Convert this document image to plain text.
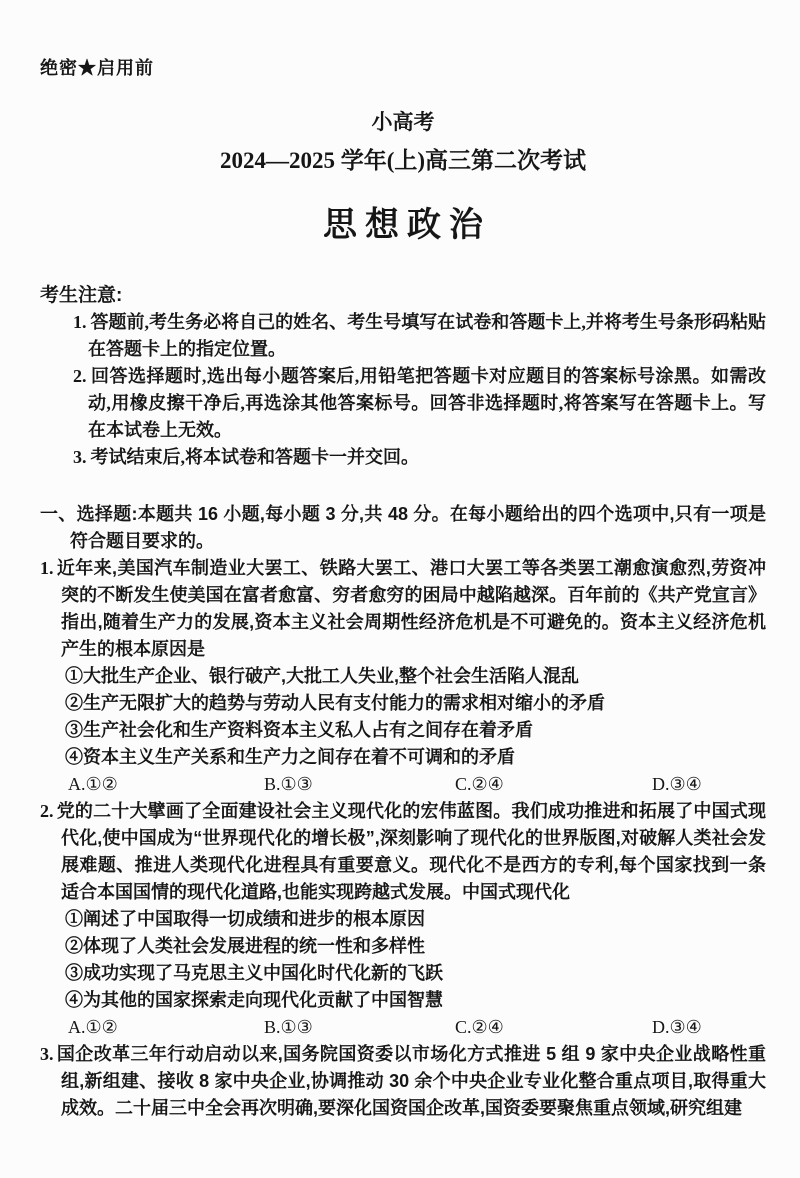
绝密★启用前
小高考
2024—2025 学年(上)高三第二次考试
思想政治
考生注意:
1. 答题前,考生务必将自己的姓名、考生号填写在试卷和答题卡上,并将考生号条形码粘贴在答题卡上的指定位置。
2. 回答选择题时,选出每小题答案后,用铅笔把答题卡对应题目的答案标号涂黑。如需改动,用橡皮擦干净后,再选涂其他答案标号。回答非选择题时,将答案写在答题卡上。写在本试卷上无效。
3. 考试结束后,将本试卷和答题卡一并交回。

一、选择题:本题共 16 小题,每小题 3 分,共 48 分。在每小题给出的四个选项中,只有一项是符合题目要求的。

1. 近年来,美国汽车制造业大罢工、铁路大罢工、港口大罢工等各类罢工潮愈演愈烈,劳资冲突的不断发生使美国在富者愈富、穷者愈穷的困局中越陷越深。百年前的《共产党宣言》指出,随着生产力的发展,资本主义社会周期性经济危机是不可避免的。资本主义经济危机产生的根本原因是

①大批生产企业、银行破产,大批工人失业,整个社会生活陷人混乱
②生产无限扩大的趋势与劳动人民有支付能力的需求相对缩小的矛盾
③生产社会化和生产资料资本主义私人占有之间存在着矛盾
④资本主义生产关系和生产力之间存在着不可调和的矛盾
A.①②	B.①③	C.②④	D.③④

2. 党的二十大擘画了全面建设社会主义现代化的宏伟蓝图。我们成功推进和拓展了中国式现代化,使中国成为“世界现代化的增长极”,深刻影响了现代化的世界版图,对破解人类社会发展难题、推进人类现代化进程具有重要意义。现代化不是西方的专利,每个国家找到一条适合本国国情的现代化道路,也能实现跨越式发展。中国式现代化

①阐述了中国取得一切成绩和进步的根本原因
②体现了人类社会发展进程的统一性和多样性
③成功实现了马克思主义中国化时代化新的飞跃
④为其他的国家探索走向现代化贡献了中国智慧
A.①②	B.①③	C.②④	D.③④

3. 国企改革三年行动启动以来,国务院国资委以市场化方式推进 5 组 9 家中央企业战略性重组,新组建、接收 8 家中央企业,协调推动 30 余个中央企业专业化整合重点项目,取得重大成效。二十届三中全会再次明确,要深化国资国企改革,国资委要聚焦重点领域,研究组建
